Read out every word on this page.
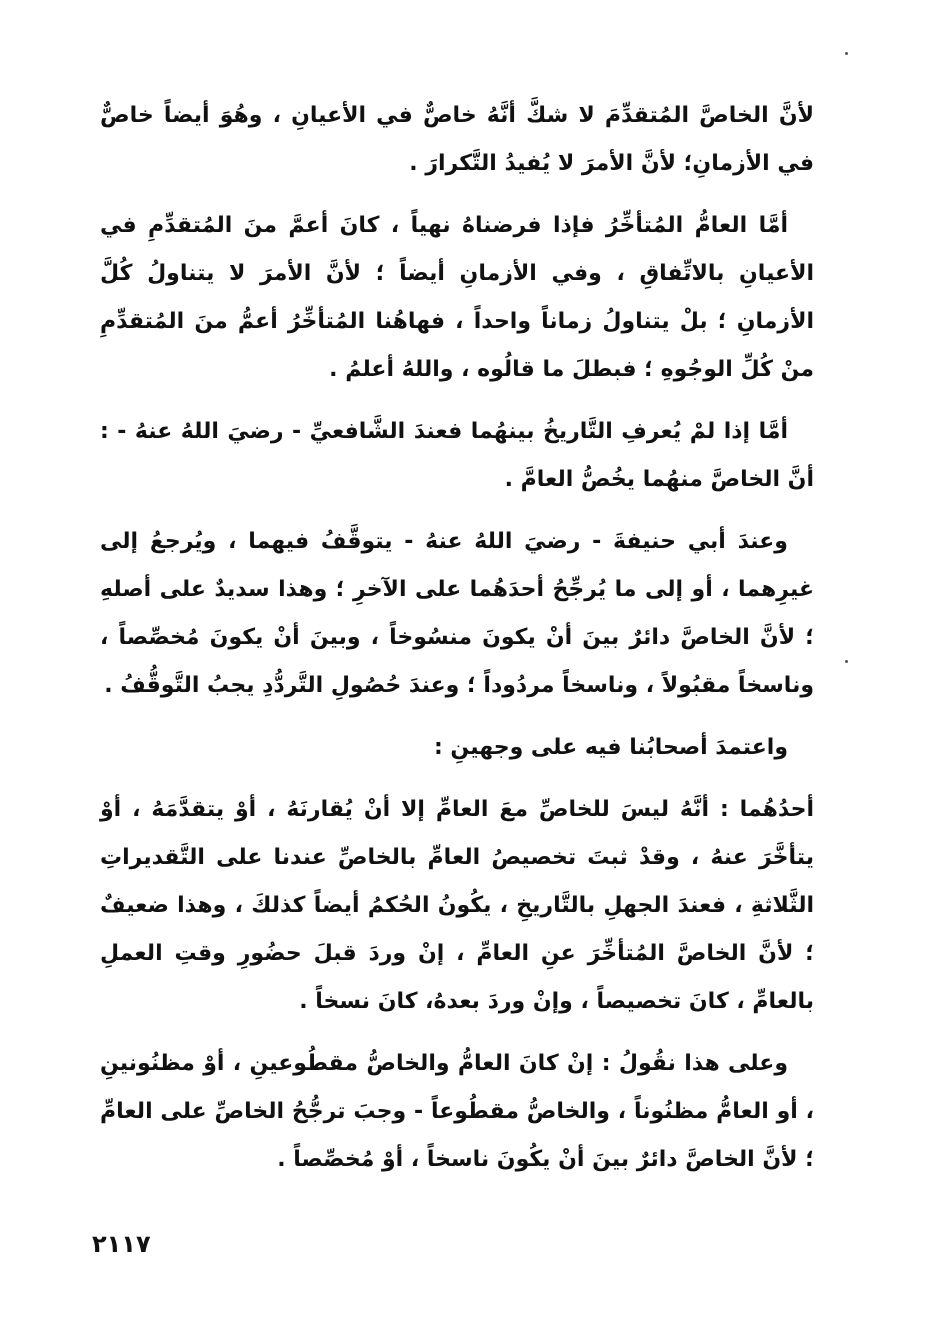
لأنَّ الخاصَّ المُتقدِّمَ لا شكَّ أنَّهُ خاصٌّ في الأعيانِ ، وهُوَ أيضاً خاصٌّ في الأزمانِ؛ لأنَّ الأمرَ لا يُفيدُ التَّكرارَ .

أمَّا العامُّ المُتأخِّرُ فإذا فرضناهُ نهياً ، كانَ أعمَّ منَ المُتقدِّمِ في الأعيانِ بالاتِّفاقِ ، وفي الأزمانِ أيضاً ؛ لأنَّ الأمرَ لا يتناولُ كُلَّ الأزمانِ ؛ بلْ يتناولُ زماناً واحداً ، فهاهُنا المُتأخِّرُ أعمُّ منَ المُتقدِّمِ منْ كُلِّ الوجُوهِ ؛ فبطلَ ما قالُوه ، واللهُ أعلمُ .

أمَّا إذا لمْ يُعرفِ التَّاريخُ بينهُما فعندَ الشَّافعيِّ - رضيَ اللهُ عنهُ - : أنَّ الخاصَّ منهُما يخُصُّ العامَّ .

وعندَ أبي حنيفةَ - رضيَ اللهُ عنهُ - يتوقَّفُ فيهما ، ويُرجعُ إلى غيرِهما ، أو إلى ما يُرجِّحُ أحدَهُما على الآخرِ ؛ وهذا سديدٌ على أصلهِ ؛ لأنَّ الخاصَّ دائرٌ بينَ أنْ يكونَ منسُوخاً ، وبينَ أنْ يكونَ مُخصِّصاً ، وناسخاً مقبُولاً ، وناسخاً مردُوداً ؛ وعندَ حُصُولِ التَّردُّدِ يجبُ التَّوقُّفُ .

واعتمدَ أصحابُنا فيه على وجهينِ :

أحدُهُما : أنَّهُ ليسَ للخاصِّ معَ العامِّ إلا أنْ يُقارنَهُ ، أوْ يتقدَّمَهُ ، أوْ يتأخَّرَ عنهُ ، وقدْ ثبتَ تخصيصُ العامِّ بالخاصِّ عندنا على التَّقديراتِ الثَّلاثةِ ، فعندَ الجهلِ بالتَّاريخِ ، يكُونُ الحُكمُ أيضاً كذلكَ ، وهذا ضعيفٌ ؛ لأنَّ الخاصَّ المُتأخِّرَ عنِ العامِّ ، إنْ وردَ قبلَ حضُورِ وقتِ العملِ بالعامِّ ، كانَ تخصيصاً ، وإنْ وردَ بعدهُ، كانَ نسخاً .

وعلى هذا نقُولُ : إنْ كانَ العامُّ والخاصُّ مقطُوعينِ ، أوْ مظنُونينِ ، أو العامُّ مظنُوناً ، والخاصُّ مقطُوعاً - وجبَ ترجُّحُ الخاصِّ على العامِّ ؛ لأنَّ الخاصَّ دائرٌ بينَ أنْ يكُونَ ناسخاً ، أوْ مُخصِّصاً .

٢١١٧
